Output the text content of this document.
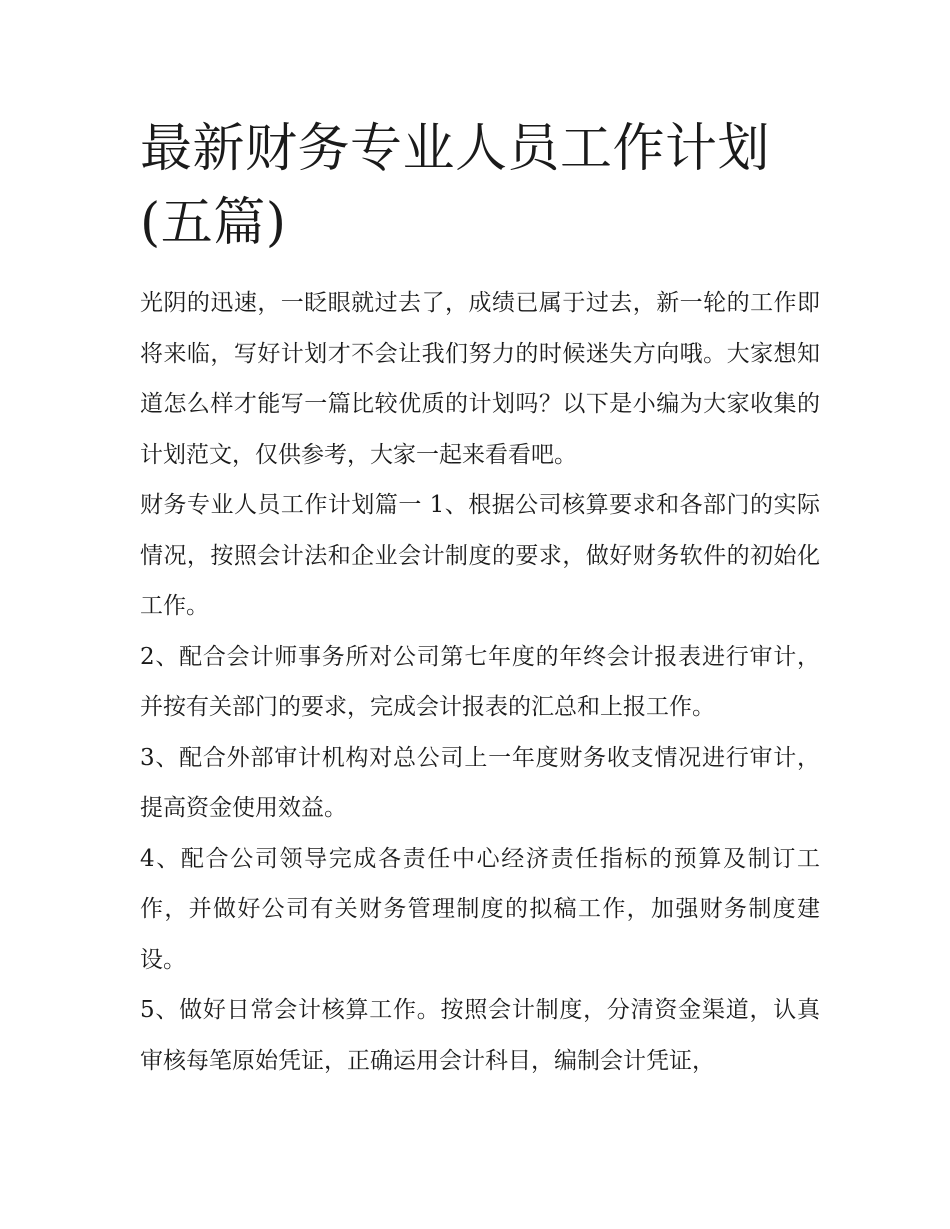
最新财务专业人员工作计划(五篇)

光阴的迅速，一眨眼就过去了，成绩已属于过去，新一轮的工作即将来临，写好计划才不会让我们努力的时候迷失方向哦。大家想知道怎么样才能写一篇比较优质的计划吗？以下是小编为大家收集的计划范文，仅供参考，大家一起来看看吧。

财务专业人员工作计划篇一 1、根据公司核算要求和各部门的实际情况，按照会计法和企业会计制度的要求，做好财务软件的初始化工作。

2、配合会计师事务所对公司第七年度的年终会计报表进行审计，并按有关部门的要求，完成会计报表的汇总和上报工作。

3、配合外部审计机构对总公司上一年度财务收支情况进行审计，提高资金使用效益。

4、配合公司领导完成各责任中心经济责任指标的预算及制订工作，并做好公司有关财务管理制度的拟稿工作，加强财务制度建设。

5、做好日常会计核算工作。按照会计制度，分清资金渠道，认真审核每笔原始凭证，正确运用会计科目，编制会计凭证，
